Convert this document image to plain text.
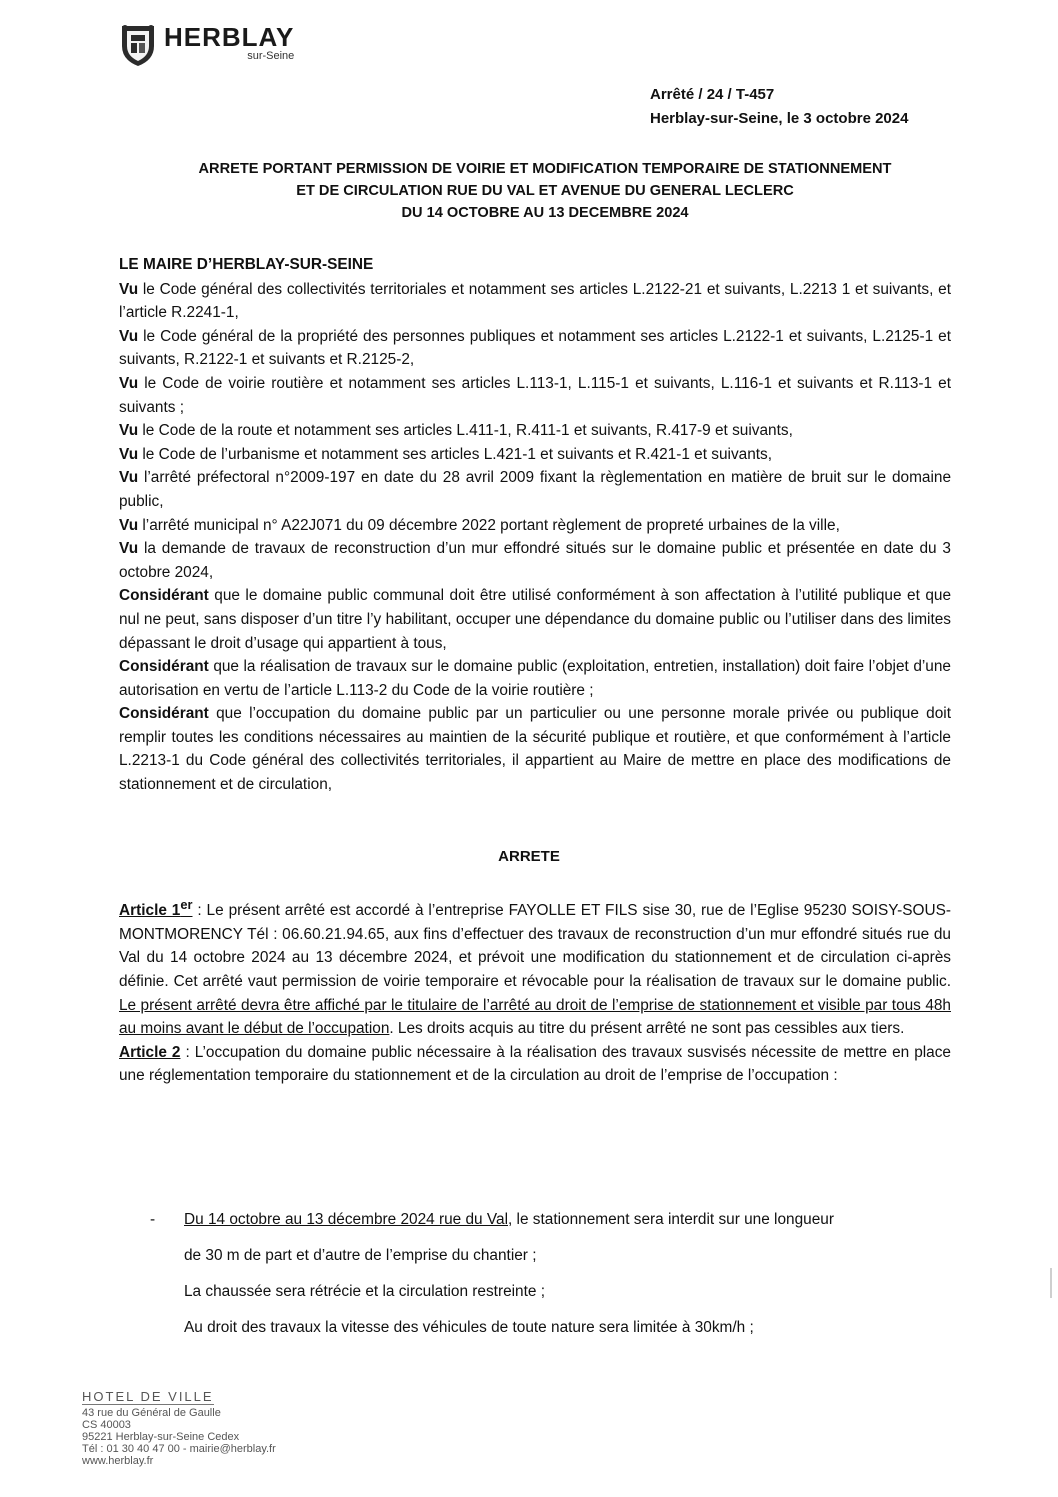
HERBLAY
sur-Seine
Arrêté / 24 / T-457
Herblay-sur-Seine, le 3 octobre 2024
ARRETE PORTANT PERMISSION DE VOIRIE ET MODIFICATION TEMPORAIRE DE STATIONNEMENT
ET DE CIRCULATION RUE DU VAL ET AVENUE DU GENERAL LECLERC
DU 14 OCTOBRE AU 13 DECEMBRE 2024

LE MAIRE D’HERBLAY-SUR-SEINE

Vu le Code général des collectivités territoriales et notamment ses articles L.2122-21 et suivants, L.2213 1 et suivants, et l’article R.2241-1,

Vu le Code général de la propriété des personnes publiques et notamment ses articles L.2122-1 et suivants, L.2125-1 et suivants, R.2122-1 et suivants et R.2125-2,

Vu le Code de voirie routière et notamment ses articles L.113-1, L.115-1 et suivants, L.116-1 et suivants et R.113-1 et suivants ;

Vu le Code de la route et notamment ses articles L.411-1, R.411-1 et suivants, R.417-9 et suivants,

Vu le Code de l’urbanisme et notamment ses articles L.421-1 et suivants et R.421-1 et suivants,

Vu l’arrêté préfectoral n°2009-197 en date du 28 avril 2009 fixant la règlementation en matière de bruit sur le domaine public,

Vu l’arrêté municipal n° A22J071 du 09 décembre 2022 portant règlement de propreté urbaines de la ville,

Vu la demande de travaux de reconstruction d’un mur effondré situés sur le domaine public et présentée en date du 3 octobre 2024,

Considérant que le domaine public communal doit être utilisé conformément à son affectation à l’utilité publique et que nul ne peut, sans disposer d’un titre l’y habilitant, occuper une dépendance du domaine public ou l’utiliser dans des limites dépassant le droit d’usage qui appartient à tous,

Considérant que la réalisation de travaux sur le domaine public (exploitation, entretien, installation) doit faire l’objet d’une autorisation en vertu de l’article L.113-2 du Code de la voirie routière ;

Considérant que l’occupation du domaine public par un particulier ou une personne morale privée ou publique doit remplir toutes les conditions nécessaires au maintien de la sécurité publique et routière, et que conformément à l’article L.2213-1 du Code général des collectivités territoriales, il appartient au Maire de mettre en place des modifications de stationnement et de circulation,

ARRETE

Article 1er : Le présent arrêté est accordé à l’entreprise FAYOLLE ET FILS sise 30, rue de l’Eglise 95230 SOISY-SOUS-MONTMORENCY Tél : 06.60.21.94.65, aux fins d’effectuer des travaux de reconstruction d’un mur effondré situés rue du Val du 14 octobre 2024 au 13 décembre 2024, et prévoit une modification du stationnement et de circulation ci-après définie. Cet arrêté vaut permission de voirie temporaire et révocable pour la réalisation de travaux sur le domaine public. Le présent arrêté devra être affiché par le titulaire de l’arrêté au droit de l’emprise de stationnement et visible par tous 48h au moins avant le début de l’occupation. Les droits acquis au titre du présent arrêté ne sont pas cessibles aux tiers.

Article 2 : L’occupation du domaine public nécessaire à la réalisation des travaux susvisés nécessite de mettre en place une réglementation temporaire du stationnement et de la circulation au droit de l’emprise de l’occupation :

- Du 14 octobre au 13 décembre 2024 rue du Val, le stationnement sera interdit sur une longueur

de 30 m de part et d’autre de l’emprise du chantier ;

La chaussée sera rétrécie et la circulation restreinte ;

Au droit des travaux la vitesse des véhicules de toute nature sera limitée à 30km/h ;

HOTEL DE VILLE
43 rue du Général de Gaulle
CS 40003
95221 Herblay-sur-Seine Cedex
Tél : 01 30 40 47 00 - mairie@herblay.fr
www.herblay.fr
